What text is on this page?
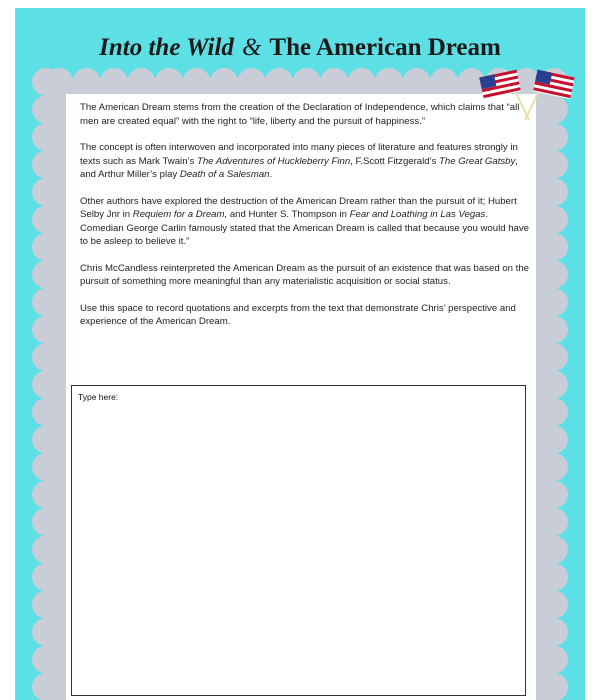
Into the Wild & The American Dream

The American Dream stems from the creation of the Declaration of Independence, which claims that “all men are created equal” with the right to “life, liberty and the pursuit of happiness.”

The concept is often interwoven and incorporated into many pieces of literature and features strongly in texts such as Mark Twain’s The Adventures of Huckleberry Finn, F.Scott Fitzgerald’s The Great Gatsby, and Arthur Miller’s play Death of a Salesman.

Other authors have explored the destruction of the American Dream rather than the pursuit of it; Hubert Selby Jnr in Requiem for a Dream, and Hunter S. Thompson in Fear and Loathing in Las Vegas. Comedian George Carlin famously stated that the American Dream is called that because you would have to be asleep to believe it.”

Chris McCandless reinterpreted the American Dream as the pursuit of an existence that was based on the pursuit of something more meaningful than any materialistic acquisition or social status.

Use this space to record quotations and excerpts from the text that demonstrate Chris’ perspective and experience of the American Dream.

Type here:
